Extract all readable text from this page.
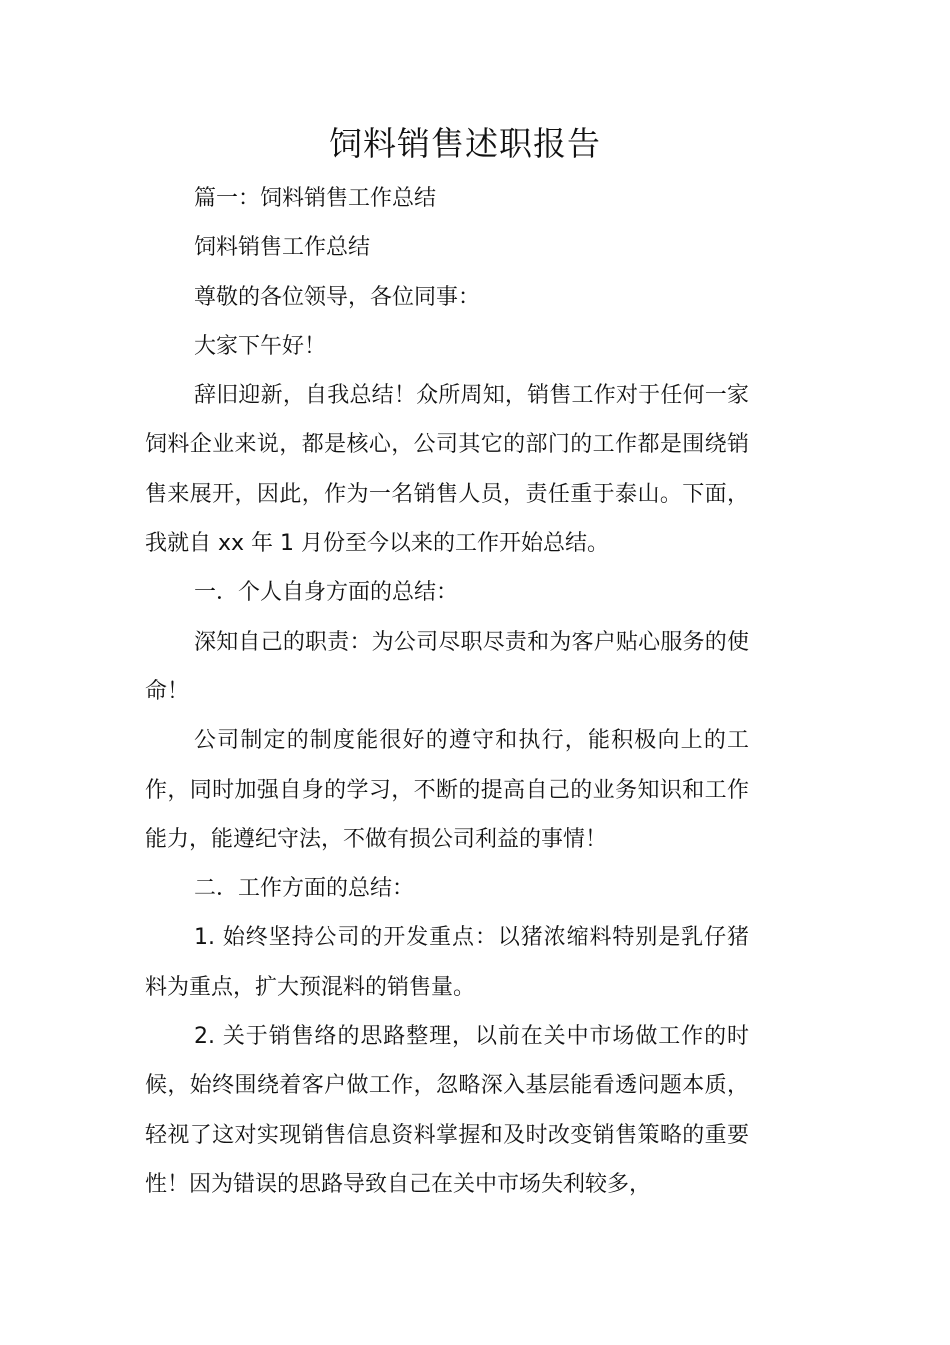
饲料销售述职报告

篇一：饲料销售工作总结

饲料销售工作总结

尊敬的各位领导，各位同事：

大家下午好！

辞旧迎新，自我总结！众所周知，销售工作对于任何一家饲料企业来说，都是核心，公司其它的部门的工作都是围绕销售来展开，因此，作为一名销售人员，责任重于泰山。下面，我就自 xx 年 1 月份至今以来的工作开始总结。

一．个人自身方面的总结：

深知自己的职责：为公司尽职尽责和为客户贴心服务的使命！

公司制定的制度能很好的遵守和执行，能积极向上的工作，同时加强自身的学习，不断的提高自己的业务知识和工作能力，能遵纪守法，不做有损公司利益的事情！

二．工作方面的总结：

1. 始终坚持公司的开发重点：以猪浓缩料特别是乳仔猪料为重点，扩大预混料的销售量。

2. 关于销售络的思路整理，以前在关中市场做工作的时候，始终围绕着客户做工作，忽略深入基层能看透问题本质，轻视了这对实现销售信息资料掌握和及时改变销售策略的重要性！因为错误的思路导致自己在关中市场失利较多，
